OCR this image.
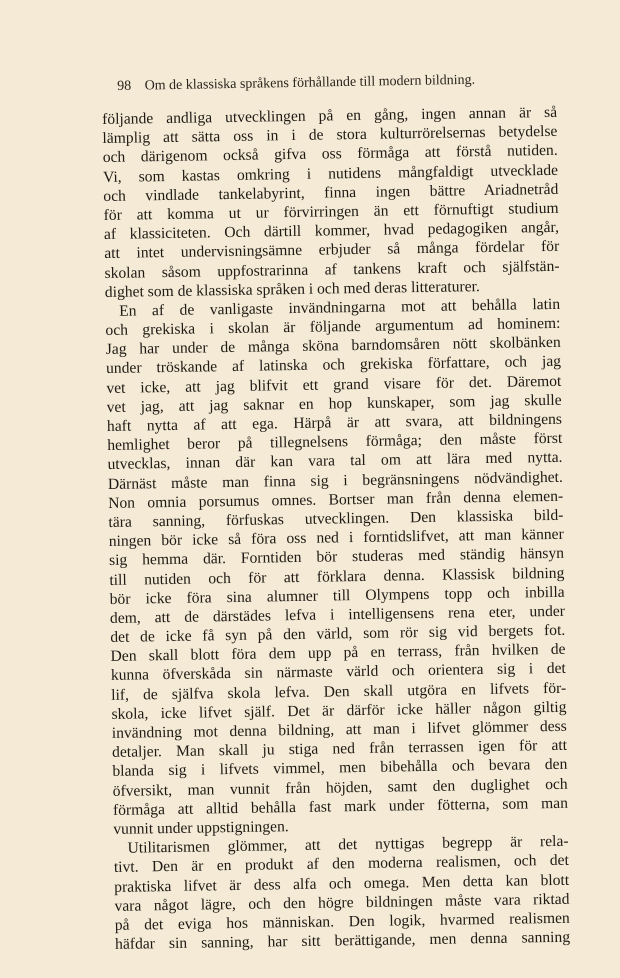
98 Om de klassiska språkens förhållande till modern bildning.
följande andliga utvecklingen på en gång, ingen annan är så
lämplig att sätta oss in i de stora kulturrörelsernas betydelse
och därigenom också gifva oss förmåga att förstå nutiden.
Vi, som kastas omkring i nutidens mångfaldigt utvecklade
och vindlade tankelabyrint, finna ingen bättre Ariadnetråd
för att komma ut ur förvirringen än ett förnuftigt studium
af klassiciteten. Och därtill kommer, hvad pedagogiken angår,
att intet undervisningsämne erbjuder så många fördelar för
skolan såsom uppfostrarinna af tankens kraft och själfstän-
dighet som de klassiska språken i och med deras litteraturer.
En af de vanligaste invändningarna mot att behålla latin
och grekiska i skolan är följande argumentum ad hominem:
Jag har under de många sköna barndomsåren nött skolbänken
under tröskande af latinska och grekiska författare, och jag
vet icke, att jag blifvit ett grand visare för det. Däremot
vet jag, att jag saknar en hop kunskaper, som jag skulle
haft nytta af att ega. Härpå är att svara, att bildningens
hemlighet beror på tillegnelsens förmåga; den måste först
utvecklas, innan där kan vara tal om att lära med nytta.
Därnäst måste man finna sig i begränsningens nödvändighet.
Non omnia porsumus omnes. Bortser man från denna elemen-
tära sanning, förfuskas utvecklingen. Den klassiska bild-
ningen bör icke så föra oss ned i forntidslifvet, att man känner
sig hemma där. Forntiden bör studeras med ständig hänsyn
till nutiden och för att förklara denna. Klassisk bildning
bör icke föra sina alumner till Olympens topp och inbilla
dem, att de därstädes lefva i intelligensens rena eter, under
det de icke få syn på den värld, som rör sig vid bergets fot.
Den skall blott föra dem upp på en terrass, från hvilken de
kunna öfverskåda sin närmaste värld och orientera sig i det
lif, de själfva skola lefva. Den skall utgöra en lifvets för-
skola, icke lifvet själf. Det är därför icke häller någon giltig
invändning mot denna bildning, att man i lifvet glömmer dess
detaljer. Man skall ju stiga ned från terrassen igen för att
blanda sig i lifvets vimmel, men bibehålla och bevara den
öfversikt, man vunnit från höjden, samt den duglighet och
förmåga att alltid behålla fast mark under fötterna, som man
vunnit under uppstigningen.
Utilitarismen glömmer, att det nyttigas begrepp är rela-
tivt. Den är en produkt af den moderna realismen, och det
praktiska lifvet är dess alfa och omega. Men detta kan blott
vara något lägre, och den högre bildningen måste vara riktad
på det eviga hos människan. Den logik, hvarmed realismen
häfdar sin sanning, har sitt berättigande, men denna sanning
